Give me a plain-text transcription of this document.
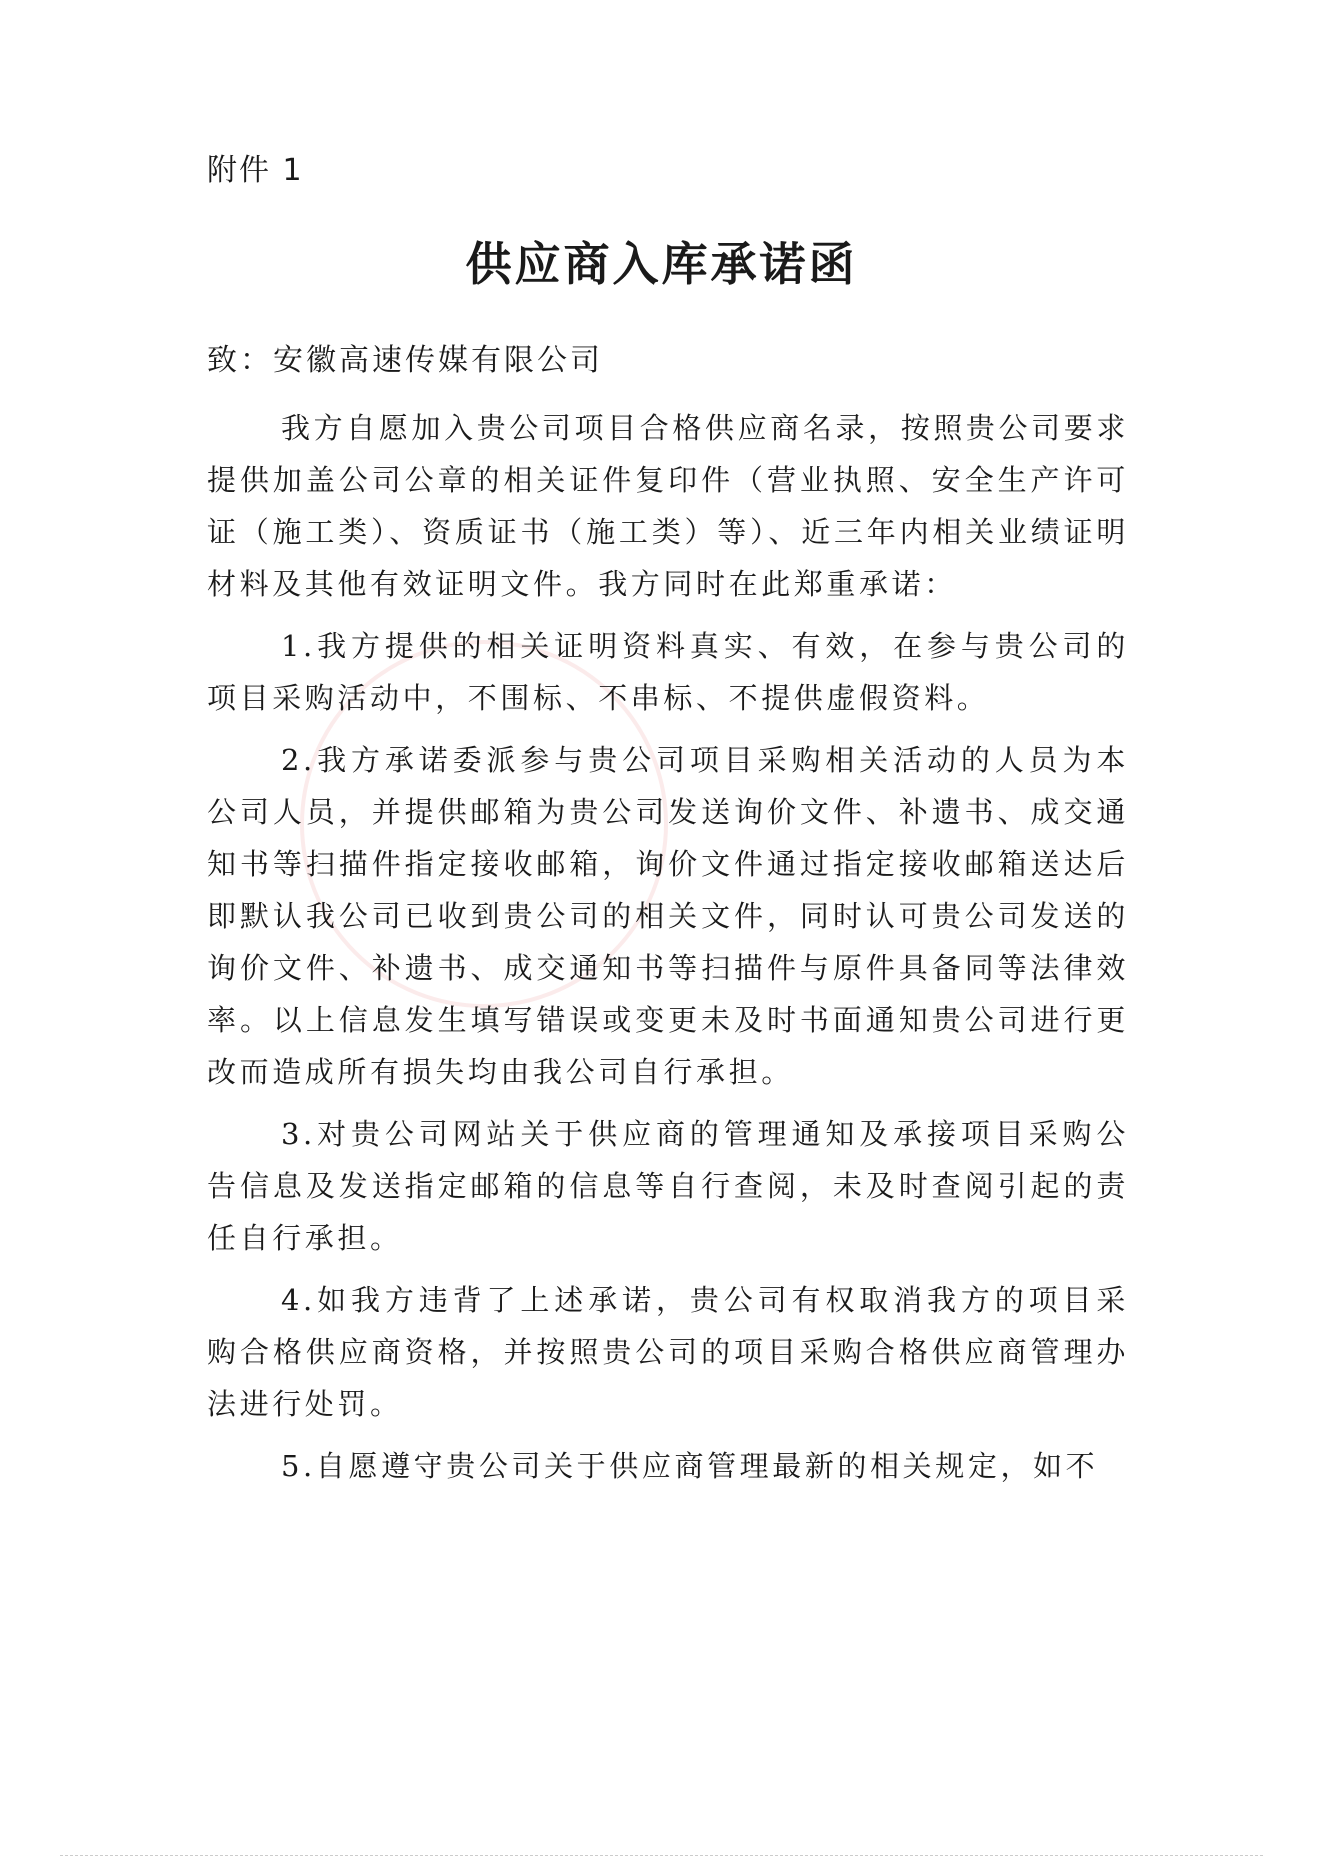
附件 1
供应商入库承诺函
致：安徽高速传媒有限公司

我方自愿加入贵公司项目合格供应商名录，按照贵公司要求提供加盖公司公章的相关证件复印件（营业执照、安全生产许可证（施工类）、资质证书（施工类）等）、近三年内相关业绩证明材料及其他有效证明文件。我方同时在此郑重承诺：

1.我方提供的相关证明资料真实、有效，在参与贵公司的项目采购活动中，不围标、不串标、不提供虚假资料。

2.我方承诺委派参与贵公司项目采购相关活动的人员为本公司人员，并提供邮箱为贵公司发送询价文件、补遗书、成交通知书等扫描件指定接收邮箱，询价文件通过指定接收邮箱送达后即默认我公司已收到贵公司的相关文件，同时认可贵公司发送的询价文件、补遗书、成交通知书等扫描件与原件具备同等法律效率。以上信息发生填写错误或变更未及时书面通知贵公司进行更改而造成所有损失均由我公司自行承担。

3.对贵公司网站关于供应商的管理通知及承接项目采购公告信息及发送指定邮箱的信息等自行查阅，未及时查阅引起的责任自行承担。

4.如我方违背了上述承诺，贵公司有权取消我方的项目采购合格供应商资格，并按照贵公司的项目采购合格供应商管理办法进行处罚。

5.自愿遵守贵公司关于供应商管理最新的相关规定，如不
